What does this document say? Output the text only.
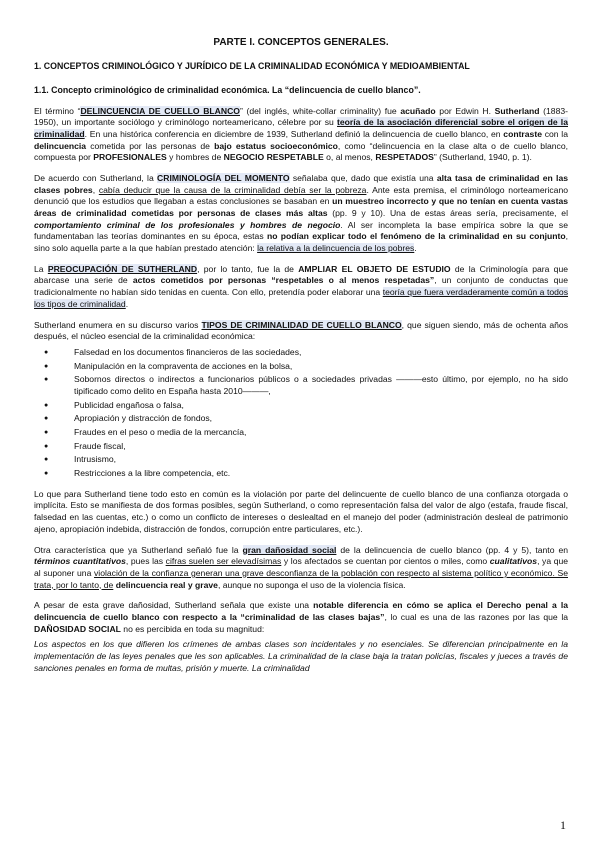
PARTE I. CONCEPTOS GENERALES.
1. CONCEPTOS CRIMINOLÓGICO Y JURÍDICO DE LA CRIMINALIDAD ECONÓMICA Y MEDIOAMBIENTAL
1.1. Concepto criminológico de criminalidad económica. La “delincuencia de cuello blanco”.

El término “DELINCUENCIA DE CUELLO BLANCO” (del inglés, white-collar criminality) fue acuñado por Edwin H. Sutherland (1883-1950), un importante sociólogo y criminólogo norteamericano, célebre por su teoría de la asociación diferencial sobre el origen de la criminalidad. En una histórica conferencia en diciembre de 1939, Sutherland definió la delincuencia de cuello blanco, en contraste con la delincuencia cometida por las personas de bajo estatus socioeconómico, como “delincuencia en la clase alta o de cuello blanco, compuesta por PROFESIONALES y hombres de NEGOCIO RESPETABLE o, al menos, RESPETADOS” (Sutherland, 1940, p. 1).

De acuerdo con Sutherland, la CRIMINOLOGÍA DEL MOMENTO señalaba que, dado que existía una alta tasa de criminalidad en las clases pobres, cabía deducir que la causa de la criminalidad debía ser la pobreza. Ante esta premisa, el criminólogo norteamericano denunció que los estudios que llegaban a estas conclusiones se basaban en un muestreo incorrecto y que no tenían en cuenta vastas áreas de criminalidad cometidas por personas de clases más altas (pp. 9 y 10). Una de estas áreas sería, precisamente, el comportamiento criminal de los profesionales y hombres de negocio. Al ser incompleta la base empírica sobre la que se fundamentaban las teorías dominantes en su época, estas no podían explicar todo el fenómeno de la criminalidad en su conjunto, sino solo aquella parte a la que habían prestado atención: la relativa a la delincuencia de los pobres.

La PREOCUPACIÓN DE SUTHERLAND, por lo tanto, fue la de AMPLIAR EL OBJETO DE ESTUDIO de la Criminología para que abarcase una serie de actos cometidos por personas “respetables o al menos respetadas”, un conjunto de conductas que tradicionalmente no habían sido tenidas en cuenta. Con ello, pretendía poder elaborar una teoría que fuera verdaderamente común a todos los tipos de criminalidad.

Sutherland enumera en su discurso varios TIPOS DE CRIMINALIDAD DE CUELLO BLANCO, que siguen siendo, más de ochenta años después, el núcleo esencial de la criminalidad económica:

● Falsedad en los documentos financieros de las sociedades,
● Manipulación en la compraventa de acciones en la bolsa,
● Sobornos directos o indirectos a funcionarios públicos o a sociedades privadas ———esto último, por ejemplo, no ha sido tipificado como delito en España hasta 2010———,
● Publicidad engañosa o falsa,
● Apropiación y distracción de fondos,
● Fraudes en el peso o media de la mercancía,
● Fraude fiscal,
● Intrusismo,
● Restricciones a la libre competencia, etc.

Lo que para Sutherland tiene todo esto en común es la violación por parte del delincuente de cuello blanco de una confianza otorgada o implícita. Esto se manifiesta de dos formas posibles, según Sutherland, o como representación falsa del valor de algo (estafa, fraude fiscal, falsedad en las cuentas, etc.) o como un conflicto de intereses o deslealtad en el manejo del poder (administración desleal de patrimonio ajeno, apropiación indebida, distracción de fondos, corrupción entre particulares, etc.).

Otra característica que ya Sutherland señaló fue la gran dañosidad social de la delincuencia de cuello blanco (pp. 4 y 5), tanto en términos cuantitativos, pues las cifras suelen ser elevadísimas y los afectados se cuentan por cientos o miles, como cualitativos, ya que al suponer una violación de la confianza generan una grave desconfianza de la población con respecto al sistema político y económico. Se trata, por lo tanto, de delincuencia real y grave, aunque no suponga el uso de la violencia física.

A pesar de esta grave dañosidad, Sutherland señala que existe una notable diferencia en cómo se aplica el Derecho penal a la delincuencia de cuello blanco con respecto a la “criminalidad de las clases bajas”, lo cual es una de las razones por las que la DAÑOSIDAD SOCIAL no es percibida en toda su magnitud:

Los aspectos en los que difieren los crímenes de ambas clases son incidentales y no esenciales. Se diferencian principalmente en la implementación de las leyes penales que les son aplicables. La criminalidad de la clase baja la tratan policías, fiscales y jueces a través de sanciones penales en forma de multas, prisión y muerte. La criminalidad

1
